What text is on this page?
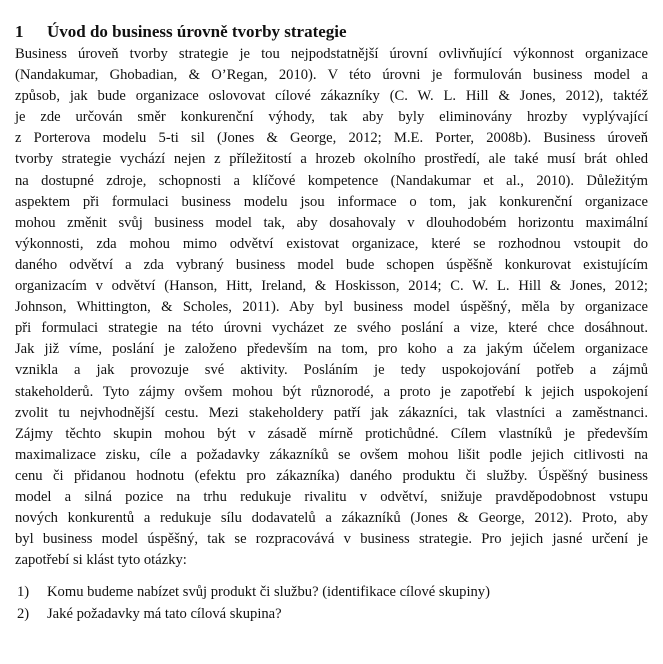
1 Úvod do business úrovně tvorby strategie
Business úroveň tvorby strategie je tou nejpodstatnější úrovní ovlivňující výkonnost organizace
(Nandakumar, Ghobadian, & O’Regan, 2010). V této úrovni je formulován business model a
způsob, jak bude organizace oslovovat cílové zákazníky (C. W. L. Hill & Jones, 2012), taktéž
je zde určován směr konkurenční výhody, tak aby byly eliminovány hrozby vyplývající
z Porterova modelu 5-ti sil (Jones & George, 2012; M.E. Porter, 2008b). Business úroveň
tvorby strategie vychází nejen z příležitostí a hrozeb okolního prostředí, ale také musí brát ohled
na dostupné zdroje, schopnosti a klíčové kompetence (Nandakumar et al., 2010). Důležitým
aspektem při formulaci business modelu jsou informace o tom, jak konkurenční organizace
mohou změnit svůj business model tak, aby dosahovaly v dlouhodobém horizontu maximální
výkonnosti, zda mohou mimo odvětví existovat organizace, které se rozhodnou vstoupit do
daného odvětví a zda vybraný business model bude schopen úspěšně konkurovat existujícím
organizacím v odvětví (Hanson, Hitt, Ireland, & Hoskisson, 2014; C. W. L. Hill & Jones, 2012;
Johnson, Whittington, & Scholes, 2011). Aby byl business model úspěšný, měla by organizace
při formulaci strategie na této úrovni vycházet ze svého poslání a vize, které chce dosáhnout.
Jak již víme, poslání je založeno především na tom, pro koho a za jakým účelem organizace
vznikla a jak provozuje své aktivity. Posláním je tedy uspokojování potřeb a zájmů
stakeholderů. Tyto zájmy ovšem mohou být různorodé, a proto je zapotřebí k jejich uspokojení
zvolit tu nejvhodnější cestu. Mezi stakeholdery patří jak zákazníci, tak vlastníci a zaměstnanci.
Zájmy těchto skupin mohou být v zásadě mírně protichůdné. Cílem vlastníků je především
maximalizace zisku, cíle a požadavky zákazníků se ovšem mohou lišit podle jejich citlivosti na
cenu či přidanou hodnotu (efektu pro zákazníka) daného produktu či služby. Úspěšný business
model a silná pozice na trhu redukuje rivalitu v odvětví, snižuje pravděpodobnost vstupu
nových konkurentů a redukuje sílu dodavatelů a zákazníků (Jones & George, 2012). Proto, aby
byl business model úspěšný, tak se rozpracovává v business strategie. Pro jejich jasné určení je
zapotřebí si klást tyto otázky:
1) Komu budeme nabízet svůj produkt či službu? (identifikace cílové skupiny)
2) Jaké požadavky má tato cílová skupina?
